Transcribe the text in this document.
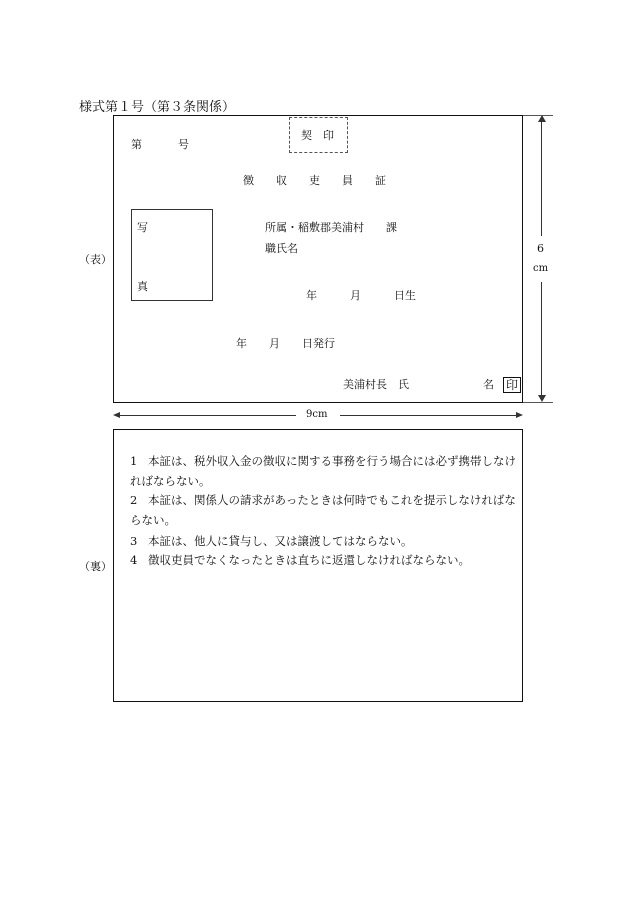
様式第１号（第３条関係）
（表）
第	号
契　印
徴　　収　　吏　　員　　証
写
真
所属・稲敷郡美浦村　　課
職氏名
年　　　月　　　日生
年　　月　　日発行
美浦村長　氏	名 印
6
cm
9cm
（裏）
1 本証は、税外収入金の徴収に関する事務を行う場合には必ず携帯しなければならない。
2 本証は、関係人の請求があったときは何時でもこれを提示しなければならない。
3 本証は、他人に貸与し、又は譲渡してはならない。
4 徴収吏員でなくなったときは直ちに返還しなければならない。
